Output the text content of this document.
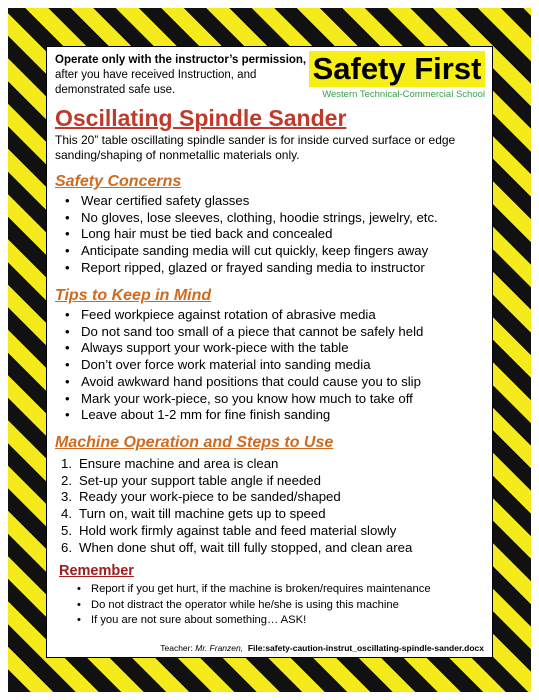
Operate only with the instructor’s permission, after you have received Instruction, and demonstrated safe use.
Safety First
Western Technical-Commercial School
Oscillating Spindle Sander
This 20” table oscillating spindle sander is for inside curved surface or edge sanding/shaping of nonmetallic materials only.
Safety Concerns
• Wear certified safety glasses
• No gloves, lose sleeves, clothing, hoodie strings, jewelry, etc.
• Long hair must be tied back and concealed
• Anticipate sanding media will cut quickly, keep fingers away
• Report ripped, glazed or frayed sanding media to instructor
Tips to Keep in Mind
• Feed workpiece against rotation of abrasive media
• Do not sand too small of a piece that cannot be safely held
• Always support your work-piece with the table
• Don’t over force work material into sanding media
• Avoid awkward hand positions that could cause you to slip
• Mark your work-piece, so you know how much to take off
• Leave about 1-2 mm for fine finish sanding
Machine Operation and Steps to Use
1. Ensure machine and area is clean
2. Set-up your support table angle if needed
3. Ready your work-piece to be sanded/shaped
4. Turn on, wait till machine gets up to speed
5. Hold work firmly against table and feed material slowly
6. When done shut off, wait till fully stopped, and clean area
Remember
• Report if you get hurt, if the machine is broken/requires maintenance
• Do not distract the operator while he/she is using this machine
• If you are not sure about something… ASK!
Teacher: Mr. Franzen, File:safety-caution-instrut_oscillating-spindle-sander.docx
